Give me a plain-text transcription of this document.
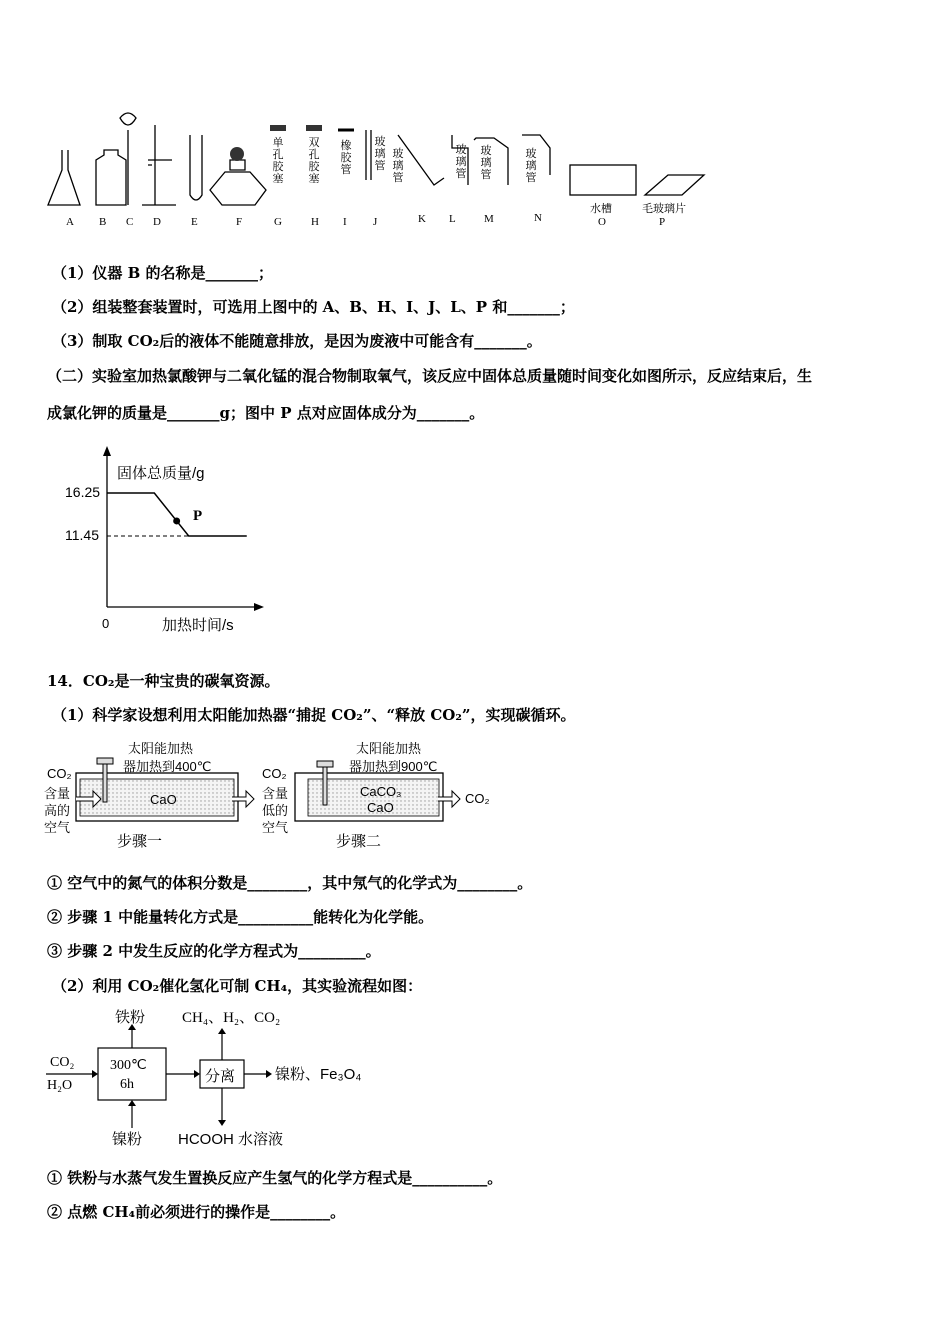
A B C D	E	F	G	H I J	K L	M	N	O	P
单孔胶塞
双孔胶塞
橡胶管
玻璃管
玻璃管
玻璃管
玻璃管
玻璃管
水槽	毛玻璃片
（1）仪器 B 的名称是_______；
（2）组装整套装置时，可选用上图中的 A、B、H、I、J、L、P 和_______；
（3）制取 CO₂后的液体不能随意排放，是因为废液中可能含有_______。
（二）实验室加热氯酸钾与二氧化锰的混合物制取氧气，该反应中固体总质量随时间变化如图所示，反应结束后，生
成氯化钾的质量是_______g；图中 P 点对应固体成分为_______。
固体总质量/g
16.25
11.45
0	加热时间/s
P
14．CO₂是一种宝贵的碳氧资源。
（1）科学家设想利用太阳能加热器“捕捉 CO₂”、“释放 CO₂”，实现碳循环。
太阳能加热
器加热到400℃
CO₂
含量
高的
空气
CaO
步骤一
太阳能加热
器加热到900℃
CO₂
含量
低的
空气
CaCO₃
CaO
CO₂
步骤二
① 空气中的氮气的体积分数是________，其中氖气的化学式为________。
② 步骤 1 中能量转化方式是__________能转化为化学能。
③ 步骤 2 中发生反应的化学方程式为_________。
（2）利用 CO₂催化氢化可制 CH₄，其实验流程如图：
铁粉 CH₄、H₂、CO₂
CO₂
H₂O
300℃
6h	分离	镍粉、Fe₃O₄
镍粉 HCOOH 水溶液
① 铁粉与水蒸气发生置换反应产生氢气的化学方程式是__________。
② 点燃 CH₄前必须进行的操作是________。
